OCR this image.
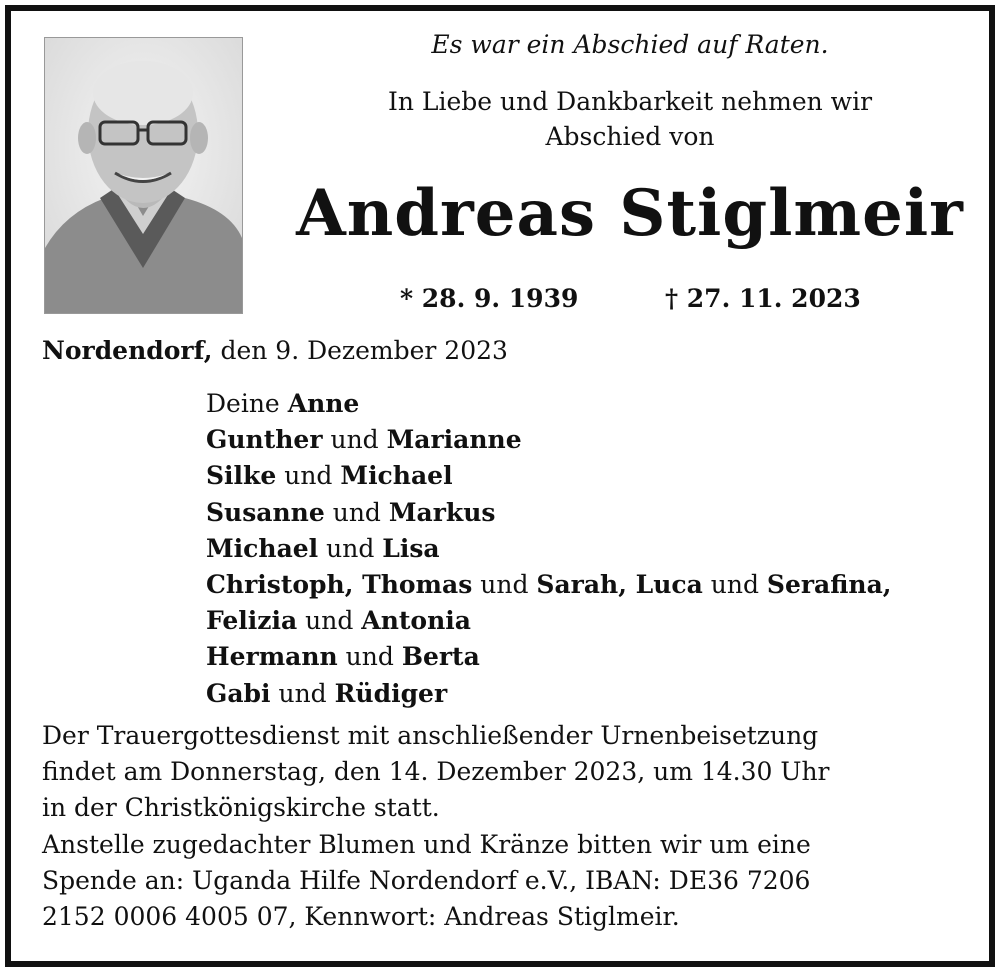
Es war ein Abschied auf Raten.
In Liebe und Dankbarkeit nehmen wir
Abschied von
Andreas Stiglmeir
* 28. 9. 1939	† 27. 11. 2023
Nordendorf, den 9. Dezember 2023
Deine Anne
Gunther und Marianne
Silke und Michael
Susanne und Markus
Michael und Lisa
Christoph, Thomas und Sarah, Luca und Serafina,
Felizia und Antonia
Hermann und Berta
Gabi und Rüdiger
Der Trauergottesdienst mit anschließender Urnenbeisetzung
findet am Donnerstag, den 14. Dezember 2023, um 14.30 Uhr
in der Christkönigskirche statt.
Anstelle zugedachter Blumen und Kränze bitten wir um eine
Spende an: Uganda Hilfe Nordendorf e.V., IBAN: DE36 7206
2152 0006 4005 07, Kennwort: Andreas Stiglmeir.
